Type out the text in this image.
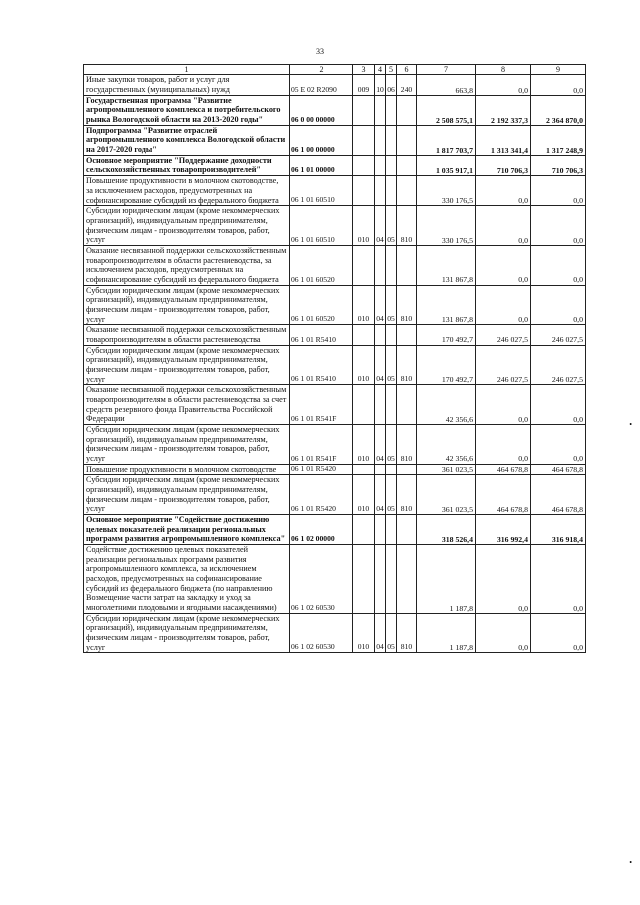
33
1	2	3	4	5	6	7	8	9
Иные закупки товаров, работ и услуг для государственных (муниципальных) нужд	05 E 02 R2090	009	10	06	240	663,8	0,0	0,0
Государственная программа "Развитие агропромышленного комплекса и потребительского рынка Вологодской области на 2013-2020 годы"	06 0 00 00000					2 508 575,1	2 192 337,3	2 364 870,0
Подпрограмма "Развитие отраслей агропромышленного комплекса Вологодской области на 2017-2020 годы"	06 1 00 00000					1 817 703,7	1 313 341,4	1 317 248,9
Основное мероприятие "Поддержание доходности сельскохозяйственных товаропроизводителей"	06 1 01 00000					1 035 917,1	710 706,3	710 706,3
Повышение продуктивности в молочном скотоводстве, за исключением расходов, предусмотренных на софинансирование субсидий из федерального бюджета	06 1 01 60510					330 176,5	0,0	0,0
Субсидии юридическим лицам (кроме некоммерческих организаций), индивидуальным предпринимателям, физическим лицам - производителям товаров, работ, услуг	06 1 01 60510	010	04	05	810	330 176,5	0,0	0,0
Оказание несвязанной поддержки сельскохозяйственным товаропроизводителям в области растениеводства, за исключением расходов, предусмотренных на софинансирование субсидий из федерального бюджета	06 1 01 60520					131 867,8	0,0	0,0
Субсидии юридическим лицам (кроме некоммерческих организаций), индивидуальным предпринимателям, физическим лицам - производителям товаров, работ, услуг	06 1 01 60520	010	04	05	810	131 867,8	0,0	0,0
Оказание несвязанной поддержки сельскохозяйственным товаропроизводителям в области растениеводства	06 1 01 R5410					170 492,7	246 027,5	246 027,5
Субсидии юридическим лицам (кроме некоммерческих организаций), индивидуальным предпринимателям, физическим лицам - производителям товаров, работ, услуг	06 1 01 R5410	010	04	05	810	170 492,7	246 027,5	246 027,5
Оказание несвязанной поддержки сельскохозяйственным товаропроизводителям в области растениеводства за счет средств резервного фонда Правительства Российской Федерации	06 1 01 R541F					42 356,6	0,0	0,0
Субсидии юридическим лицам (кроме некоммерческих организаций), индивидуальным предпринимателям, физическим лицам - производителям товаров, работ, услуг	06 1 01 R541F	010	04	05	810	42 356,6	0,0	0,0
Повышение продуктивности в молочном скотоводстве	06 1 01 R5420					361 023,5	464 678,8	464 678,8
Субсидии юридическим лицам (кроме некоммерческих организаций), индивидуальным предпринимателям, физическим лицам - производителям товаров, работ, услуг	06 1 01 R5420	010	04	05	810	361 023,5	464 678,8	464 678,8
Основное мероприятие "Содействие достижению целевых показателей реализации региональных программ развития агропромышленного комплекса"	06 1 02 00000					318 526,4	316 992,4	316 918,4
Содействие достижению целевых показателей реализации региональных программ развития агропромышленного комплекса, за исключением расходов, предусмотренных на софинансирование субсидий из федерального бюджета (по направлению Возмещение части затрат на закладку и уход за многолетними плодовыми и ягодными насаждениями)	06 1 02 60530					1 187,8	0,0	0,0
Субсидии юридическим лицам (кроме некоммерческих организаций), индивидуальным предпринимателям, физическим лицам - производителям товаров, работ, услуг	06 1 02 60530	010	04	05	810	1 187,8	0,0	0,0
•
•
